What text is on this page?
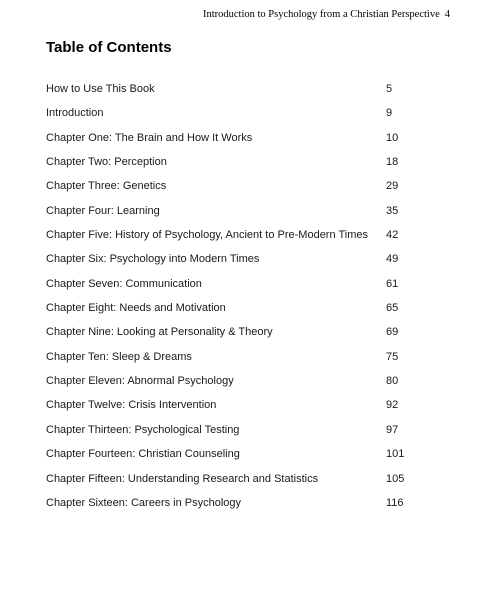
Introduction to Psychology from a Christian Perspective 4
Table of Contents
How to Use This Book	5
Introduction	9
Chapter One: The Brain and How It Works	10
Chapter Two: Perception	18
Chapter Three: Genetics	29
Chapter Four: Learning	35
Chapter Five: History of Psychology, Ancient to Pre-Modern Times 42
Chapter Six: Psychology into Modern Times	49
Chapter Seven: Communication	61
Chapter Eight: Needs and Motivation	65
Chapter Nine: Looking at Personality & Theory	69
Chapter Ten: Sleep & Dreams	75
Chapter Eleven: Abnormal Psychology	80
Chapter Twelve: Crisis Intervention	92
Chapter Thirteen: Psychological Testing	97
Chapter Fourteen: Christian Counseling	101
Chapter Fifteen: Understanding Research and Statistics	105
Chapter Sixteen: Careers in Psychology	116
